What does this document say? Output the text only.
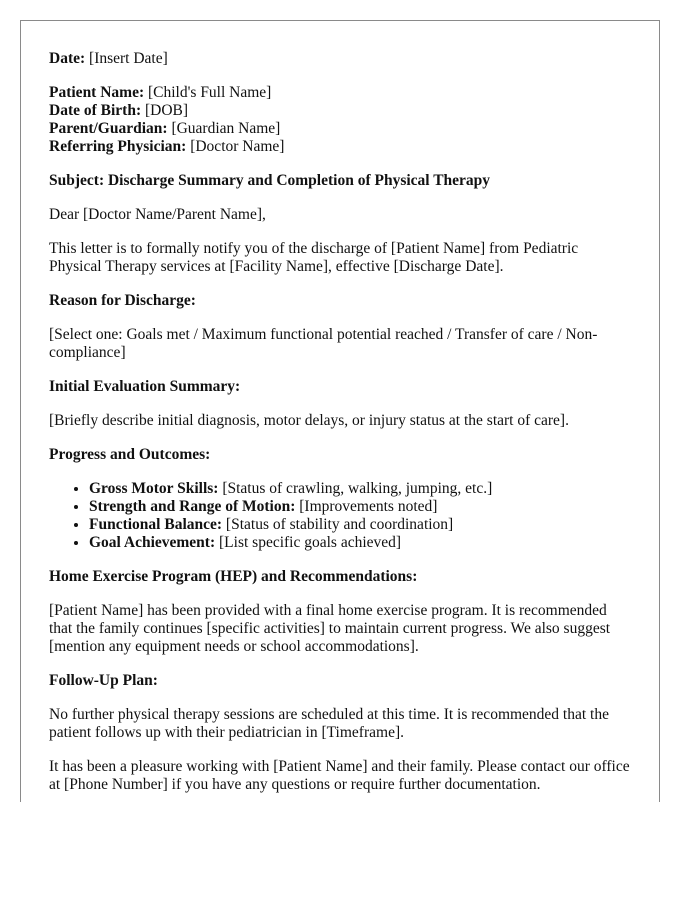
Date: [Insert Date]
Patient Name: [Child's Full Name]
Date of Birth: [DOB]
Parent/Guardian: [Guardian Name]
Referring Physician: [Doctor Name]

Subject: Discharge Summary and Completion of Physical Therapy

Dear [Doctor Name/Parent Name],

This letter is to formally notify you of the discharge of [Patient Name] from Pediatric Physical Therapy services at [Facility Name], effective [Discharge Date].

Reason for Discharge:

[Select one: Goals met / Maximum functional potential reached / Transfer of care / Non-compliance]

Initial Evaluation Summary:

[Briefly describe initial diagnosis, motor delays, or injury status at the start of care].

Progress and Outcomes:

• Gross Motor Skills: [Status of crawling, walking, jumping, etc.]
• Strength and Range of Motion: [Improvements noted]
• Functional Balance: [Status of stability and coordination]
• Goal Achievement: [List specific goals achieved]

Home Exercise Program (HEP) and Recommendations:

[Patient Name] has been provided with a final home exercise program. It is recommended that the family continues [specific activities] to maintain current progress. We also suggest [mention any equipment needs or school accommodations].

Follow-Up Plan:

No further physical therapy sessions are scheduled at this time. It is recommended that the patient follows up with their pediatrician in [Timeframe].

It has been a pleasure working with [Patient Name] and their family. Please contact our office at [Phone Number] if you have any questions or require further documentation.
